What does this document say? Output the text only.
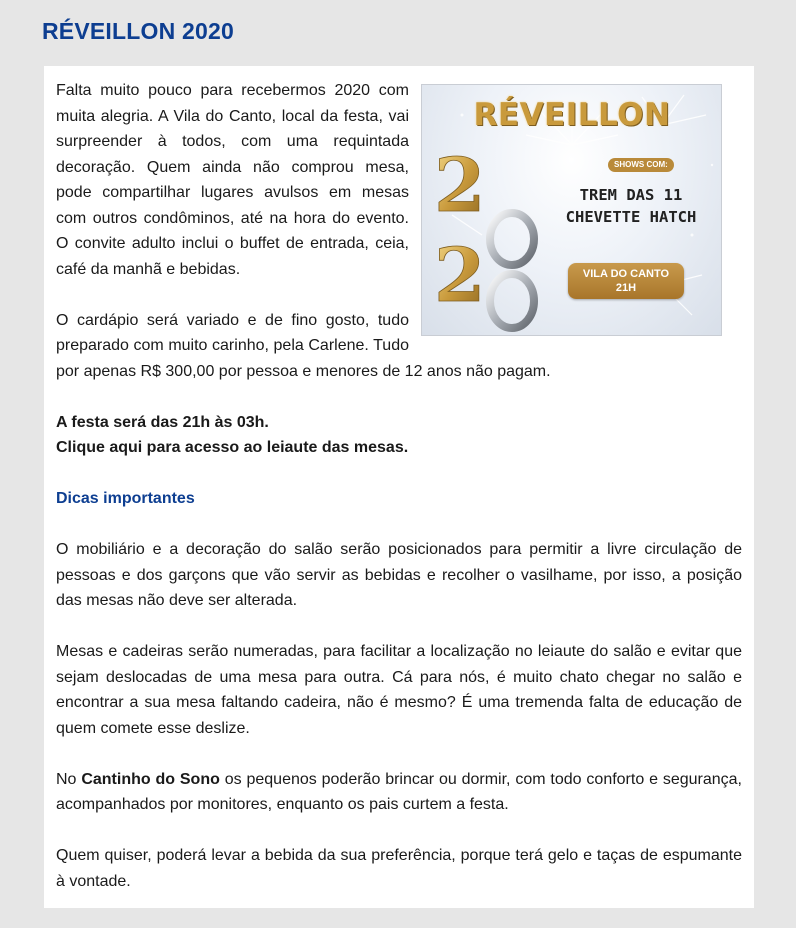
RÉVEILLON 2020
RÉVEILLON
2
2
SHOWS COM:
TREM DAS 11
CHEVETTE HATCH
VILA DO CANTO
21H

Falta muito pouco para recebermos 2020 com muita alegria. A Vila do Canto, local da festa, vai surpreender à todos, com uma requintada decoração. Quem ainda não comprou mesa, pode compartilhar lugares avulsos em mesas com outros condôminos, até na hora do evento. O convite adulto inclui o buffet de entrada, ceia, café da manhã e bebidas.

O cardápio será variado e de fino gosto, tudo preparado com muito carinho, pela Carlene. Tudo por apenas R$ 300,00 por pessoa e menores de 12 anos não pagam.

A festa será das 21h às 03h.

Clique aqui para acesso ao leiaute das mesas.

Dicas importantes

O mobiliário e a decoração do salão serão posicionados para permitir a livre circulação de pessoas e dos garçons que vão servir as bebidas e recolher o vasilhame, por isso, a posição das mesas não deve ser alterada.

Mesas e cadeiras serão numeradas, para facilitar a localização no leiaute do salão e evitar que sejam deslocadas de uma mesa para outra. Cá para nós, é muito chato chegar no salão e encontrar a sua mesa faltando cadeira, não é mesmo? É uma tremenda falta de educação de quem comete esse deslize.

No Cantinho do Sono os pequenos poderão brincar ou dormir, com todo conforto e segurança, acompanhados por monitores, enquanto os pais curtem a festa.

Quem quiser, poderá levar a bebida da sua preferência, porque terá gelo e taças de espumante à vontade.
